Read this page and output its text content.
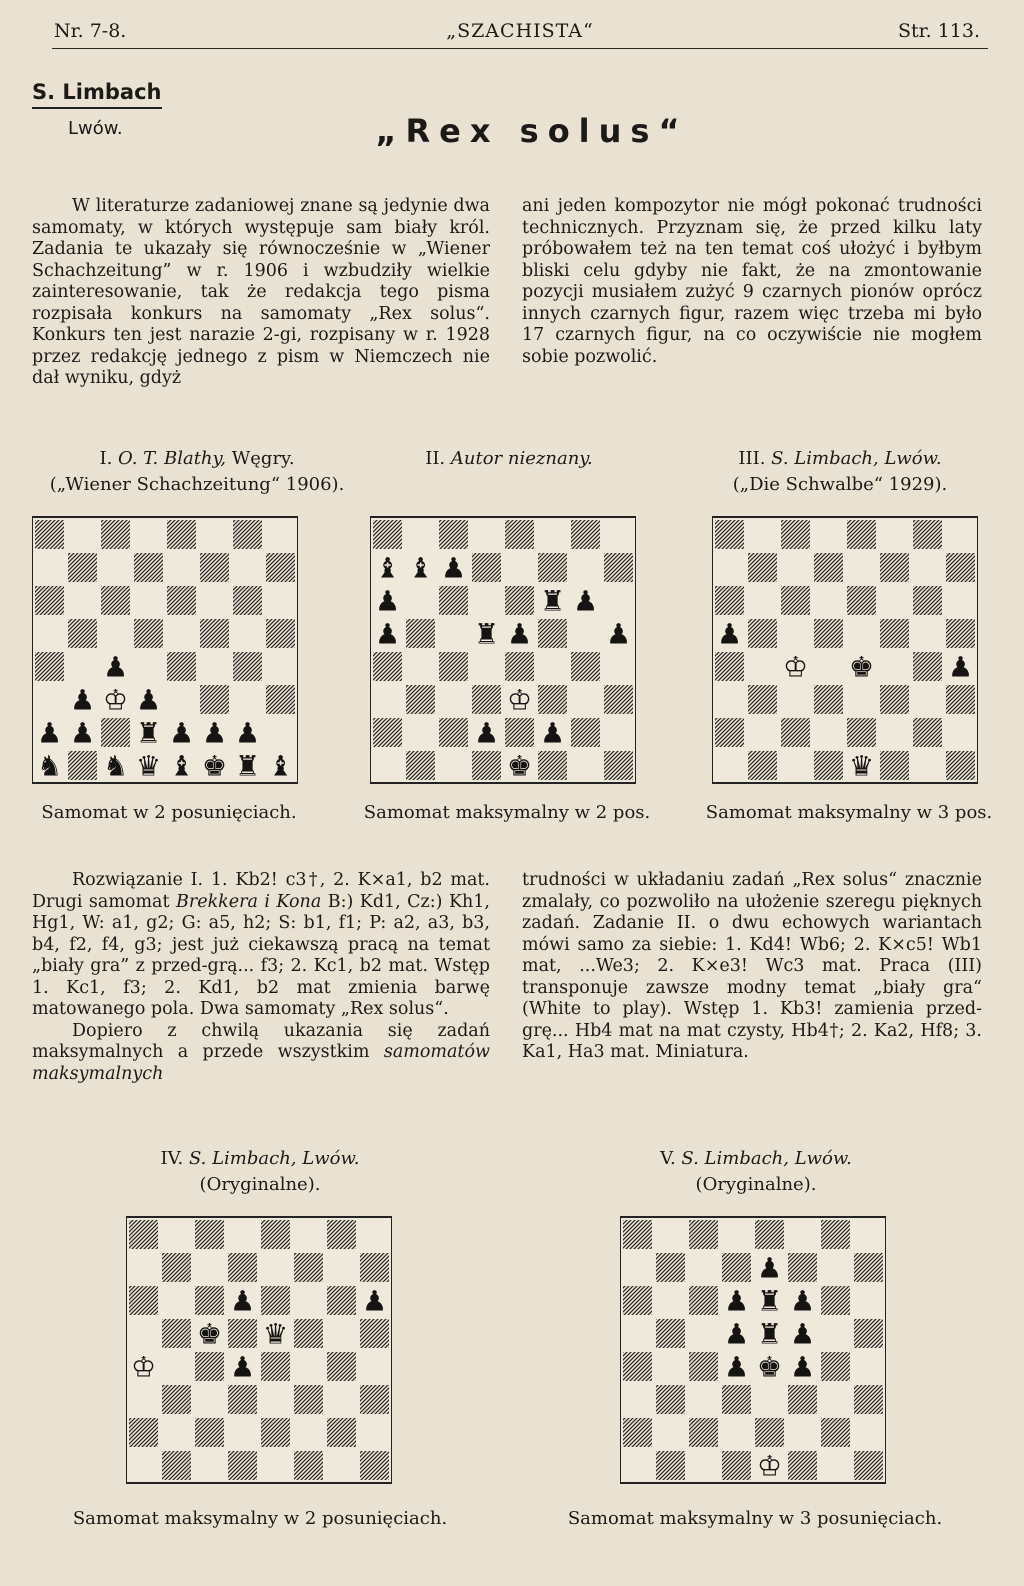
Nr. 7-8.	„SZACHISTA“	Str. 113.
S. Limbach
Lwów.	„Rex solus“

W literaturze zadaniowej znane są jedynie dwa samomaty, w których występuje sam biały król. Zadania te ukazały się równocześnie w „Wiener Schachzeitung” w r. 1906 i wzbudziły wielkie zainteresowanie, tak że redakcja tego pisma rozpisała konkurs na samomaty „Rex solus“. Konkurs ten jest narazie 2-gi, rozpisany w r. 1928 przez redakcję jednego z pism w Niemczech nie dał wyniku, gdyż

ani jeden kompozytor nie mógł pokonać trudności technicznych. Przyznam się, że przed kilku laty próbowałem też na ten temat coś ułożyć i byłbym bliski celu gdyby nie fakt, że na zmontowanie pozycji musiałem zużyć 9 czarnych pionów oprócz innych czarnych figur, razem więc trzeba mi było 17 czarnych figur, na co oczywiście nie mogłem sobie pozwolić.

I. O. T. Blathy, Węgry.
(„Wiener Schachzeitung“ 1906).
♟
♟ ♔ ♟
♟ ♟ ♜ ♟ ♟ ♟
♞ ♞ ♛ ♝ ♚ ♜ ♝
Samomat w 2 posunięciach.
II. Autor nieznany.
♝ ♝ ♟
♟	♜ ♟
♟	♜ ♟	♟
♔
♟ ♟
♚
Samomat maksymalny w 2 pos.
III. S. Limbach, Lwów.
(„Die Schwalbe“ 1929).
♟
♔ ♚	♟
♛
Samomat maksymalny w 3 pos.

Rozwiązanie I. 1. Kb2! c3†, 2. K×a1, b2 mat. Drugi samomat Brekkera i Kona B:) Kd1, Cz:) Kh1, Hg1, W: a1, g2; G: a5, h2; S: b1, f1; P: a2, a3, b3, b4, f2, f4, g3; jest już ciekawszą pracą na temat „biały gra” z przed-grą... f3; 2. Kc1, b2 mat. Wstęp 1. Kc1, f3; 2. Kd1, b2 mat zmienia barwę matowanego pola. Dwa samomaty „Rex solus“.

Dopiero z chwilą ukazania się zadań maksymalnych a przede wszystkim samomatów maksymalnych

trudności w układaniu zadań „Rex solus“ znacznie zmalały, co pozwoliło na ułożenie szeregu pięknych zadań. Zadanie II. o dwu echowych wariantach mówi samo za siebie: 1. Kd4! Wb6; 2. K×c5! Wb1 mat, ...We3; 2. K×e3! Wc3 mat. Praca (III) transponuje zawsze modny temat „biały gra“ (White to play). Wstęp 1. Kb3! zamienia przed-grę... Hb4 mat na mat czysty, Hb4†; 2. Ka2, Hf8; 3. Ka1, Ha3 mat. Miniatura.

IV. S. Limbach, Lwów.
(Oryginalne).
♟	♟
♚ ♛
♔	♟
Samomat maksymalny w 2 posunięciach.
V. S. Limbach, Lwów.
(Oryginalne).
♟
♟ ♜ ♟
♟ ♜ ♟
♟ ♚ ♟
♔
Samomat maksymalny w 3 posunięciach.
